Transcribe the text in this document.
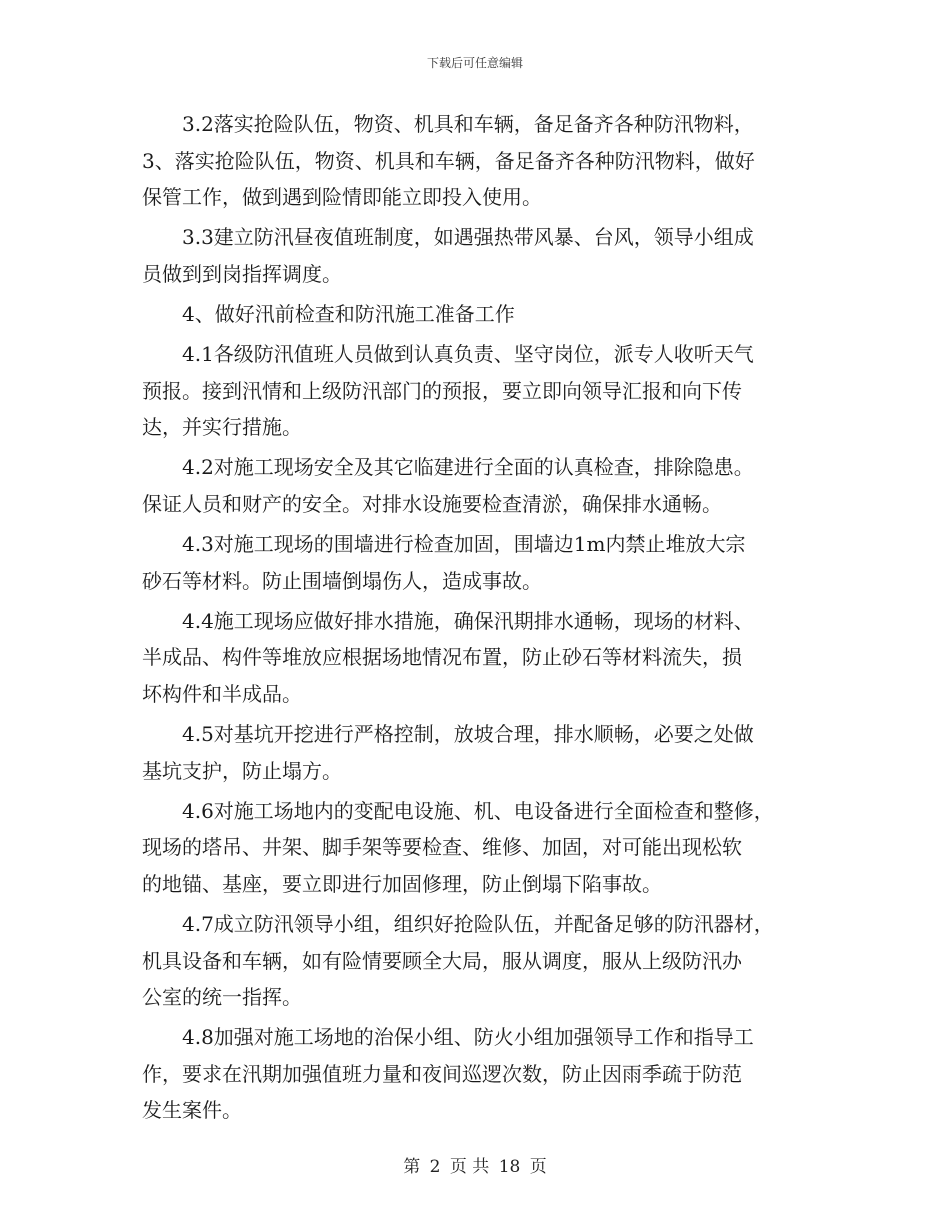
下载后可任意编辑
　　3.2落实抢险队伍，物资、机具和车辆，备足备齐各种防汛物料，
3、落实抢险队伍，物资、机具和车辆，备足备齐各种防汛物料，做好
保管工作，做到遇到险情即能立即投入使用。
　　3.3建立防汛昼夜值班制度，如遇强热带风暴、台风，领导小组成
员做到到岗指挥调度。
　　4、做好汛前检查和防汛施工准备工作
　　4.1各级防汛值班人员做到认真负责、坚守岗位，派专人收听天气
预报。接到汛情和上级防汛部门的预报，要立即向领导汇报和向下传
达，并实行措施。
　　4.2对施工现场安全及其它临建进行全面的认真检查，排除隐患。
保证人员和财产的安全。对排水设施要检查清淤，确保排水通畅。
　　4.3对施工现场的围墙进行检查加固，围墙边1m内禁止堆放大宗
砂石等材料。防止围墙倒塌伤人，造成事故。
　　4.4施工现场应做好排水措施，确保汛期排水通畅，现场的材料、
半成品、构件等堆放应根据场地情况布置，防止砂石等材料流失，损
坏构件和半成品。
　　4.5对基坑开挖进行严格控制，放坡合理，排水顺畅，必要之处做
基坑支护，防止塌方。
　　4.6对施工场地内的变配电设施、机、电设备进行全面检查和整修，
现场的塔吊、井架、脚手架等要检查、维修、加固，对可能出现松软
的地锚、基座，要立即进行加固修理，防止倒塌下陷事故。
　　4.7成立防汛领导小组，组织好抢险队伍，并配备足够的防汛器材，
机具设备和车辆，如有险情要顾全大局，服从调度，服从上级防汛办
公室的统一指挥。
　　4.8加强对施工场地的治保小组、防火小组加强领导工作和指导工
作，要求在汛期加强值班力量和夜间巡逻次数，防止因雨季疏于防范
发生案件。
第 2 页 共 18 页
